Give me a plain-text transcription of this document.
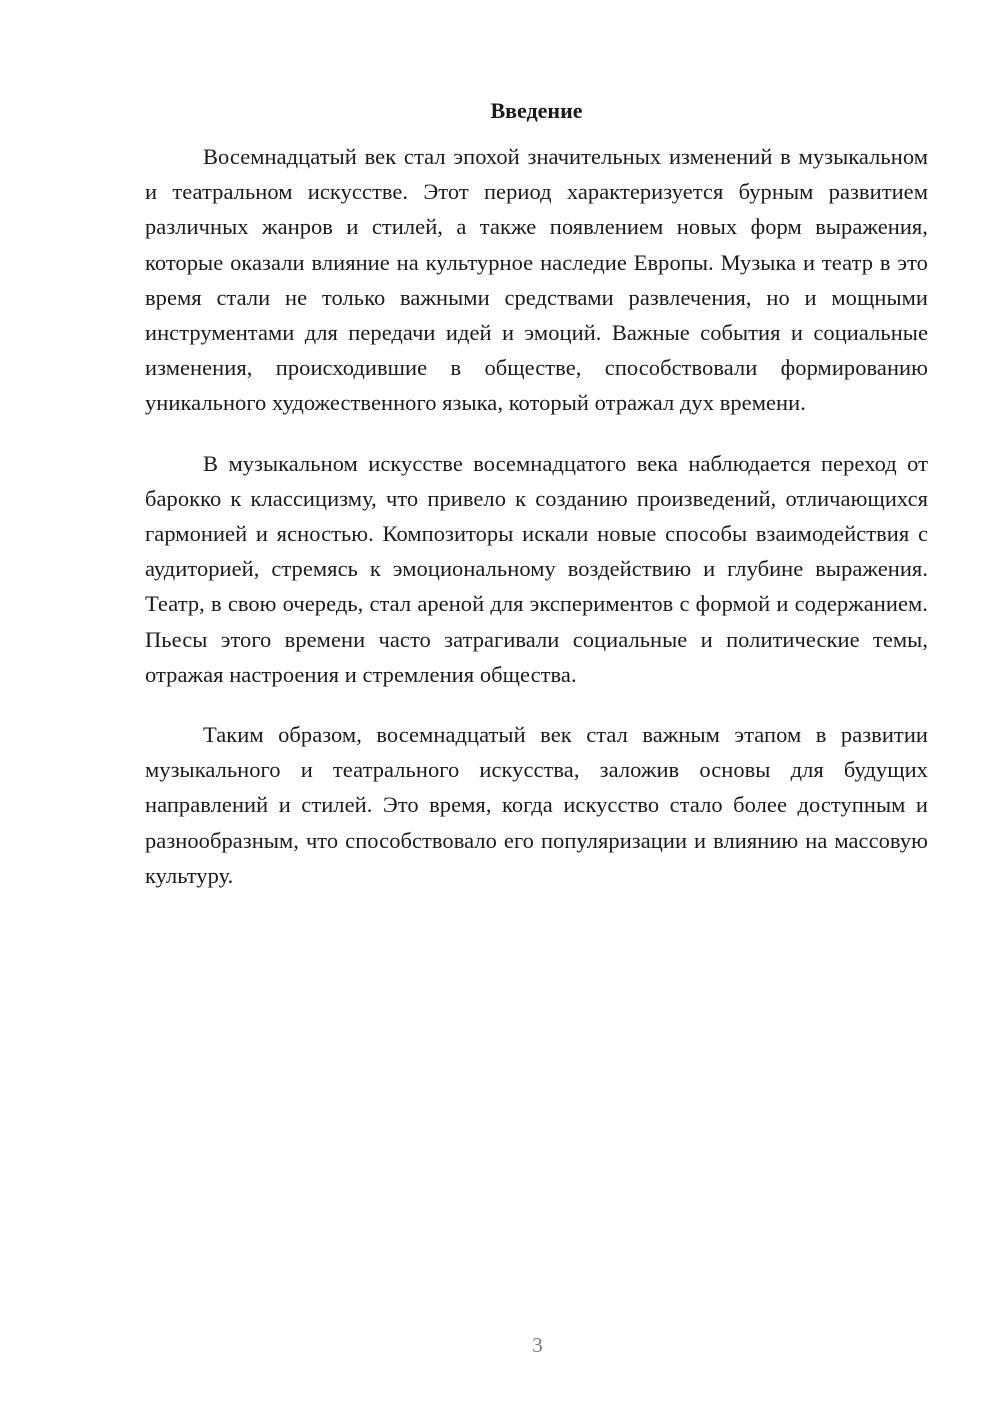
Введение

Восемнадцатый век стал эпохой значительных изменений в музыкальном и театральном искусстве. Этот период характеризуется бурным развитием различных жанров и стилей, а также появлением новых форм выражения, которые оказали влияние на культурное наследие Европы. Музыка и театр в это время стали не только важными средствами развлечения, но и мощными инструментами для передачи идей и эмоций. Важные события и социальные изменения, происходившие в обществе, способствовали формированию уникального художественного языка, который отражал дух времени.

В музыкальном искусстве восемнадцатого века наблюдается переход от барокко к классицизму, что привело к созданию произведений, отличающихся гармонией и ясностью. Композиторы искали новые способы взаимодействия с аудиторией, стремясь к эмоциональному воздействию и глубине выражения. Театр, в свою очередь, стал ареной для экспериментов с формой и содержанием. Пьесы этого времени часто затрагивали социальные и политические темы, отражая настроения и стремления общества.

Таким образом, восемнадцатый век стал важным этапом в развитии музыкального и театрального искусства, заложив основы для будущих направлений и стилей. Это время, когда искусство стало более доступным и разнообразным, что способствовало его популяризации и влиянию на массовую культуру.

3
